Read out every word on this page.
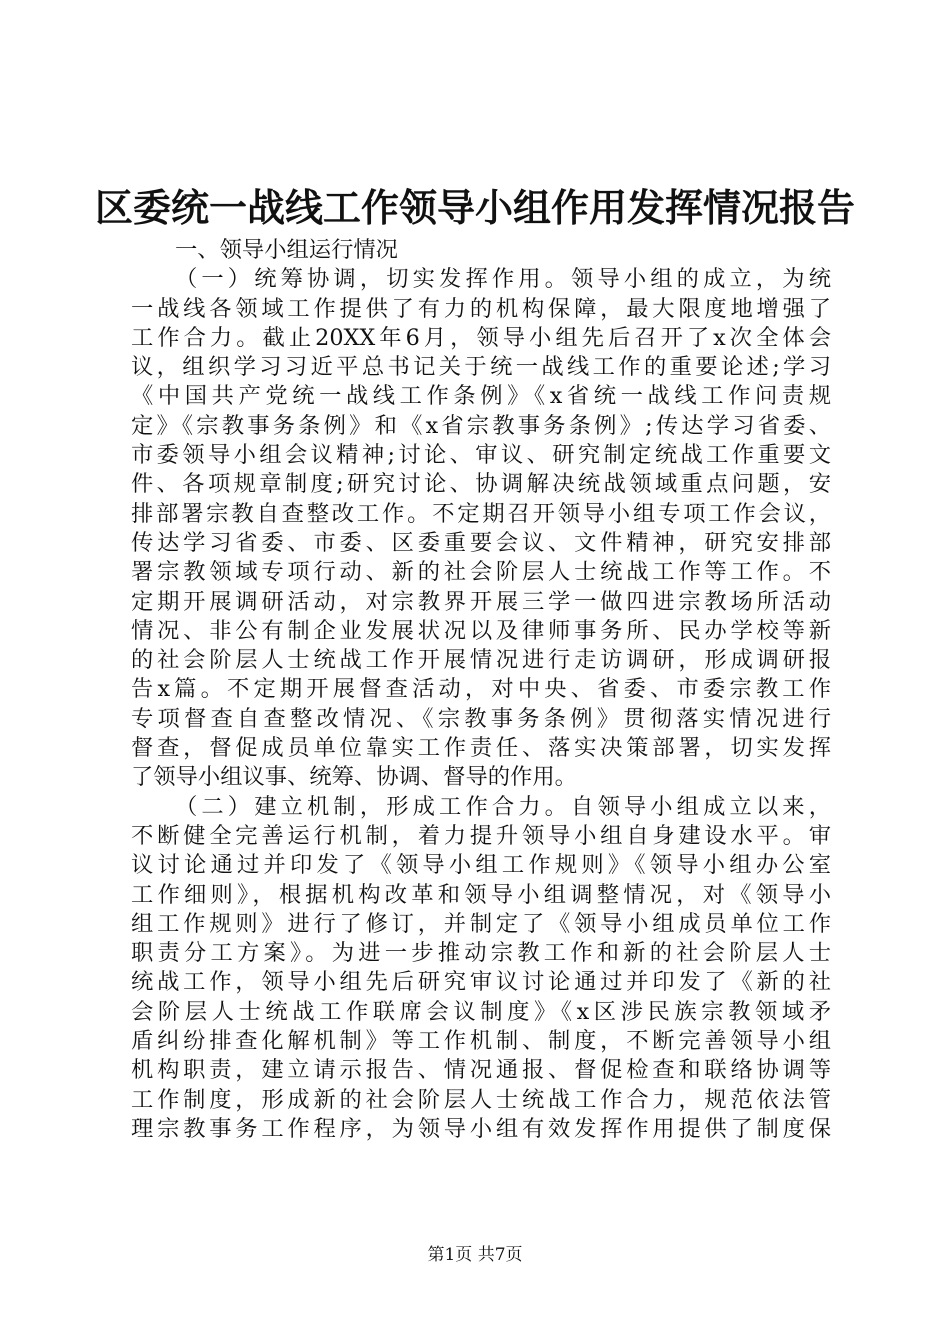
区委统一战线工作领导小组作用发挥情况报告
一、领导小组运行情况
（一）统筹协调，切实发挥作用。领导小组的成立，为统
一战线各领域工作提供了有力的机构保障，最大限度地增强了
工作合力。截止20XX年6月，领导小组先后召开了x次全体会
议，组织学习习近平总书记关于统一战线工作的重要论述;学习
《中国共产党统一战线工作条例》《x省统一战线工作问责规
定》《宗教事务条例》和《x省宗教事务条例》;传达学习省委、
市委领导小组会议精神;讨论、审议、研究制定统战工作重要文
件、各项规章制度;研究讨论、协调解决统战领域重点问题，安
排部署宗教自查整改工作。不定期召开领导小组专项工作会议，
传达学习省委、市委、区委重要会议、文件精神，研究安排部
署宗教领域专项行动、新的社会阶层人士统战工作等工作。不
定期开展调研活动，对宗教界开展三学一做四进宗教场所活动
情况、非公有制企业发展状况以及律师事务所、民办学校等新
的社会阶层人士统战工作开展情况进行走访调研，形成调研报
告x篇。不定期开展督查活动，对中央、省委、市委宗教工作
专项督查自查整改情况、《宗教事务条例》贯彻落实情况进行
督查，督促成员单位靠实工作责任、落实决策部署，切实发挥
了领导小组议事、统筹、协调、督导的作用。
（二）建立机制，形成工作合力。自领导小组成立以来，
不断健全完善运行机制，着力提升领导小组自身建设水平。审
议讨论通过并印发了《领导小组工作规则》《领导小组办公室
工作细则》，根据机构改革和领导小组调整情况，对《领导小
组工作规则》进行了修订，并制定了《领导小组成员单位工作
职责分工方案》。为进一步推动宗教工作和新的社会阶层人士
统战工作，领导小组先后研究审议讨论通过并印发了《新的社
会阶层人士统战工作联席会议制度》《x区涉民族宗教领域矛
盾纠纷排查化解机制》等工作机制、制度，不断完善领导小组
机构职责，建立请示报告、情况通报、督促检查和联络协调等
工作制度，形成新的社会阶层人士统战工作合力，规范依法管
理宗教事务工作程序，为领导小组有效发挥作用提供了制度保
第1页 共7页
